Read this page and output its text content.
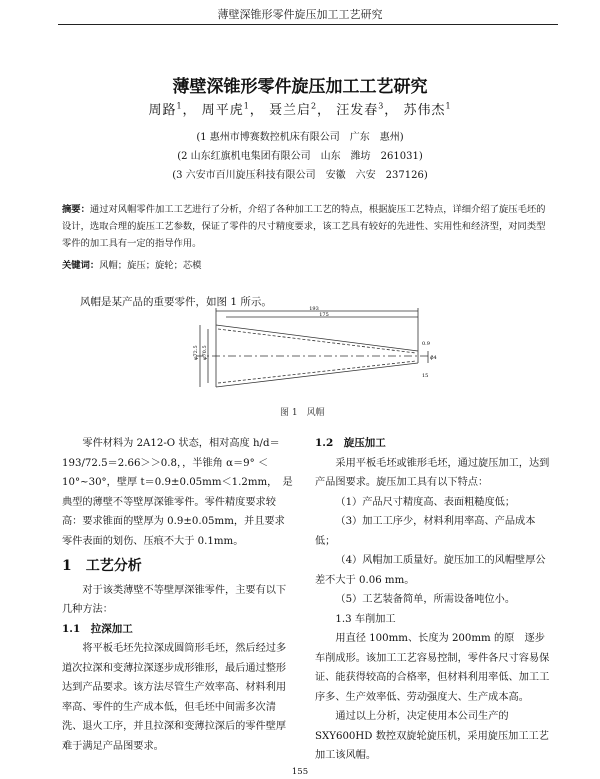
薄壁深锥形零件旋压加工工艺研究
薄壁深锥形零件旋压加工工艺研究
周路$^1$， 周平虎$^1$， 聂兰启$^2$， 汪发春$^3$， 苏伟杰$^1$
(1 惠州市博赛数控机床有限公司　广东　惠州)
(2 山东红旗机电集团有限公司　山东　潍坊　261031)
(3 六安市百川旋压科技有限公司　安徽　六安　237126)
摘要：通过对风帽零件加工工艺进行了分析，介绍了各种加工工艺的特点，根据旋压工艺特点，详细介绍了旋压毛坯的设计，选取合理的旋压工艺参数，保证了零件的尺寸精度要求，该工艺具有较好的先进性、实用性和经济型，对同类型零件的加工具有一定的指导作用。
关键词：风帽；旋压；旋轮；芯模
风帽是某产品的重要零件，如图 1 所示。
193
175
φ72.5 φ70.5	φ4
0.9
15
图 1　风帽

零件材料为 2A12-O 状态，相对高度 h/d＝193/72.5＝2.66＞＞0.8，，半锥角 α＝9° ＜10°~30°，壁厚 t＝0.9±0.05mm＜1.2mm，　是典型的薄壁不等壁厚深锥零件。零件精度要求较高：要求锥面的壁厚为 0.9±0.05mm，并且要求零件表面的划伤、压痕不大于 0.1mm。

1　工艺分析

对于该类薄壁不等壁厚深锥零件，主要有以下几种方法：

1.1　拉深加工

将平板毛坯先拉深成圆筒形毛坯，然后经过多道次拉深和变薄拉深逐步成形锥形，最后通过整形达到产品要求。该方法尽管生产效率高、材料利用率高、零件的生产成本低，但毛坯中间需多次清洗、退火工序，并且拉深和变薄拉深后的零件壁厚难于满足产品图要求。

1.2　旋压加工

采用平板毛坯或锥形毛坯，通过旋压加工，达到产品图要求。旋压加工具有以下特点：

（1）产品尺寸精度高、表面粗糙度低；

（3）加工工序少，材料利用率高、产品成本低；

（4）风帽加工质量好。旋压加工的风帽壁厚公差不大于 0.06 mm。

（5）工艺装备简单，所需设备吨位小。

1.3 车削加工

用直径 100mm、长度为 200mm 的原　逐步车削成形。该加工工艺容易控制，零件各尺寸容易保证、能获得较高的合格率，但材料利用率低、加工工序多、生产效率低、劳动强度大、生产成本高。

通过以上分析，决定使用本公司生产的 SXY600HD 数控双旋轮旋压机，采用旋压加工工艺加工该风帽。

155
